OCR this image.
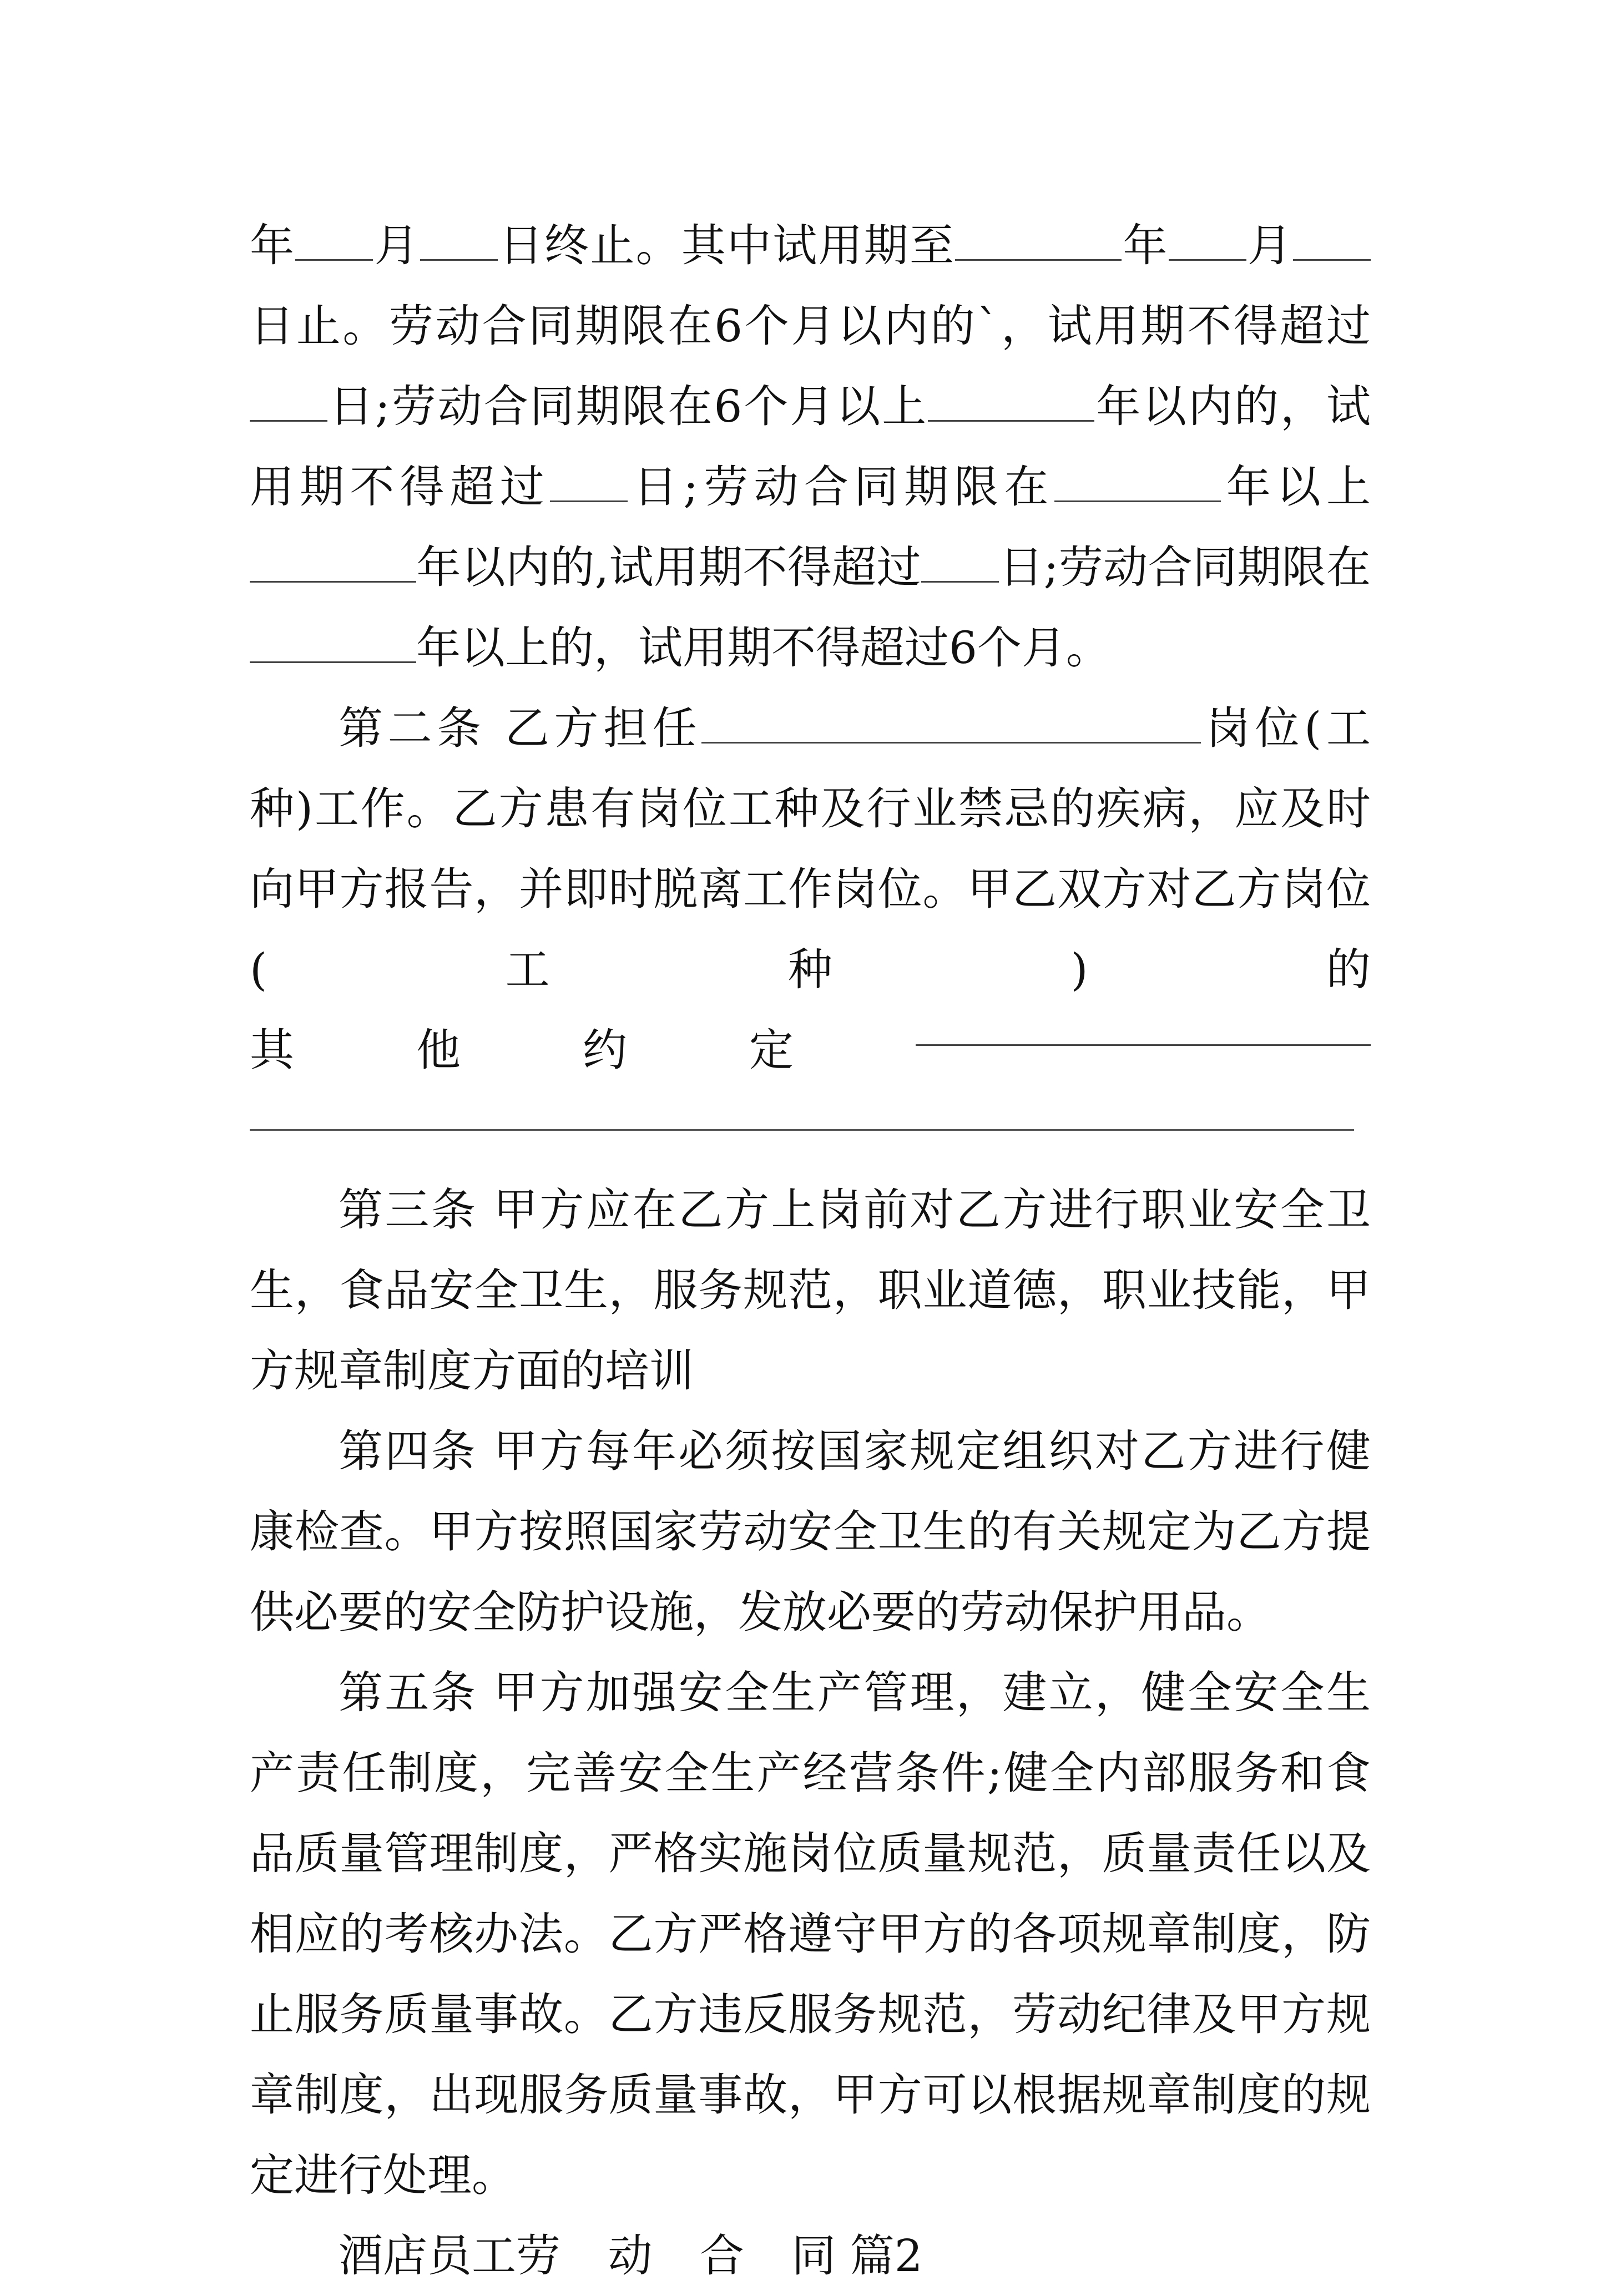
年 月 日终止。其中试用期至	年 月日止。劳动合同期限在6个月以内的`，试用期不得超过日;劳动合同期限在6个月以上	年以内的，试用期不得超过 日;劳动合同期限在	年以上年以内的,试用期不得超过 日;劳动合同期限在年以上的，试用期不得超过6个月。

第二条 乙方担任	岗位(工种)工作。乙方患有岗位工种及行业禁忌的疾病，应及时向甲方报告，并即时脱离工作岗位。甲乙双方对乙方岗位(工种)的

其	他	约	定

第三条 甲方应在乙方上岗前对乙方进行职业安全卫生，食品安全卫生，服务规范，职业道德，职业技能，甲方规章制度方面的培训

第四条 甲方每年必须按国家规定组织对乙方进行健康检查。甲方按照国家劳动安全卫生的有关规定为乙方提供必要的安全防护设施，发放必要的劳动保护用品。

第五条 甲方加强安全生产管理，建立，健全安全生产责任制度，完善安全生产经营条件;健全内部服务和食品质量管理制度，严格实施岗位质量规范，质量责任以及相应的考核办法。乙方严格遵守甲方的各项规章制度，防止服务质量事故。乙方违反服务规范，劳动纪律及甲方规章制度，出现服务质量事故，甲方可以根据规章制度的规定进行处理。

酒店员工劳 动 合 同 篇2
